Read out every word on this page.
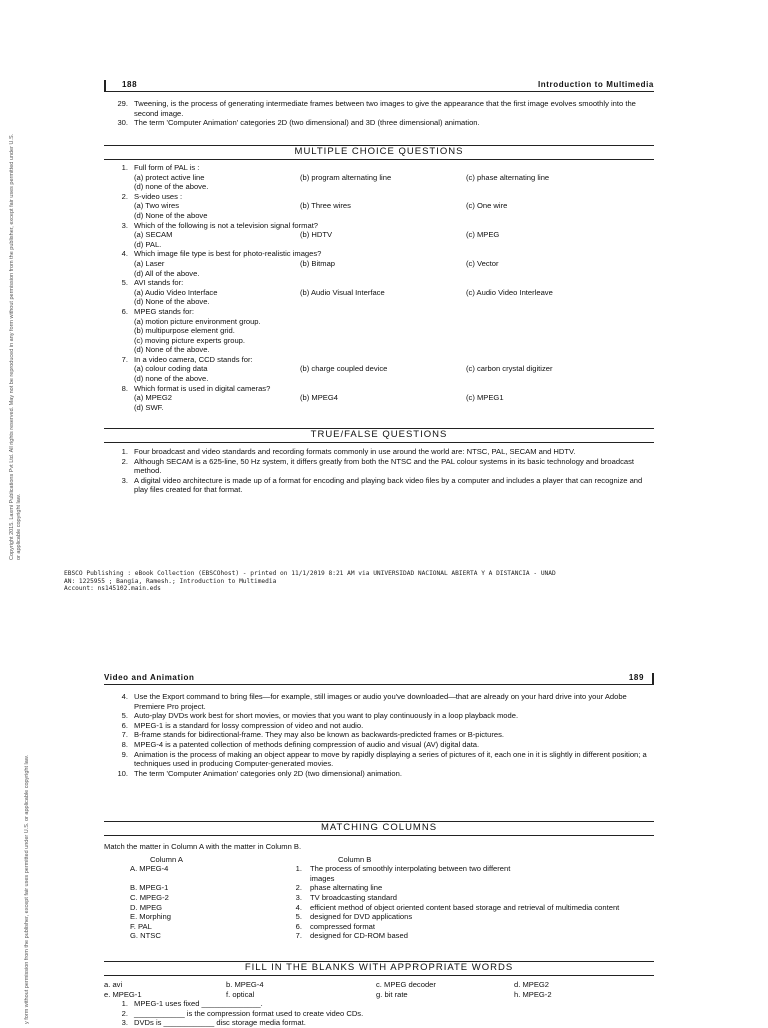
Copyright 2015. Laxmi Publications Pvt Ltd. All rights reserved. May not be reproduced in any form without permission from the publisher, except fair uses permitted under U.S. or applicable copyright law.
y form without permission from the publisher, except fair uses permitted under U.S. or applicable copyright law.
188	Introduction to Multimedia
29. Tweening, is the process of generating intermediate frames between two images to give the appearance that the first image evolves smoothly into the second image.
30. The term 'Computer Animation' categories 2D (two dimensional) and 3D (three dimensional) animation.
MULTIPLE CHOICE QUESTIONS
1. Full form of PAL is :
(a) protect active line	(b) program alternating line	(c) phase alternating line
(d) none of the above.
2. S-video uses :
(a) Two wires	(b) Three wires	(c) One wire
(d) None of the above
3. Which of the following is not a television signal format?
(a) SECAM	(b) HDTV	(c) MPEG
(d) PAL.
4. Which image file type is best for photo-realistic images?
(a) Laser	(b) Bitmap	(c) Vector
(d) All of the above.
5. AVI stands for:
(a) Audio Video Interface	(b) Audio Visual Interface	(c) Audio Video Interleave
(d) None of the above.
6. MPEG stands for:
(a) motion picture environment group.
(b) multipurpose element grid.
(c) moving picture experts group.
(d) None of the above.
7. In a video camera, CCD stands for:
(a) colour coding data	(b) charge coupled device	(c) carbon crystal digitizer
(d) none of the above.
8. Which format is used in digital cameras?
(a) MPEG2	(b) MPEG4	(c) MPEG1
(d) SWF.
TRUE/FALSE QUESTIONS
1. Four broadcast and video standards and recording formats commonly in use around the world are: NTSC, PAL, SECAM and HDTV.
2. Although SECAM is a 625-line, 50 Hz system, it differs greatly from both the NTSC and the PAL colour systems in its basic technology and broadcast method.
3. A digital video architecture is made up of a format for encoding and playing back video files by a computer and includes a player that can recognize and play files created for that format.
EBSCO Publishing : eBook Collection (EBSCOhost) - printed on 11/1/2019 8:21 AM via UNIVERSIDAD NACIONAL ABIERTA Y A DISTANCIA - UNAD
AN: 1225955 ; Bangia, Ramesh.; Introduction to Multimedia
Account: ns145102.main.eds
Video and Animation	189
4. Use the Export command to bring files—for example, still images or audio you've downloaded—that are already on your hard drive into your Adobe Premiere Pro project.
5. Auto-play DVDs work best for short movies, or movies that you want to play continuously in a loop playback mode.
6. MPEG-1 is a standard for lossy compression of video and not audio.
7. B-frame stands for bidirectional-frame. They may also be known as backwards-predicted frames or B-pictures.
8. MPEG-4 is a patented collection of methods defining compression of audio and visual (AV) digital data.
9. Animation is the process of making an object appear to move by rapidly displaying a series of pictures of it, each one in it is slightly in different position; a techniques used in producing Computer-generated movies.
10. The term 'Computer Animation' categories only 2D (two dimensional) animation.
MATCHING COLUMNS
Match the matter in Column A with the matter in Column B.
Column A	Column B
A. MPEG-4	1.	The process of smoothly interpolating between two different images
B. MPEG-1	2.	phase alternating line
C. MPEG-2	3.	TV broadcasting standard
D. MPEG	4.	efficient method of object oriented content based storage and retrieval of multimedia content
E. Morphing	5.	designed for DVD applications
F. PAL	6.	compressed format
G. NTSC	7.	designed for CD-ROM based
FILL IN THE BLANKS WITH APPROPRIATE WORDS
a. avi	b. MPEG-4	c. MPEG decoder	d. MPEG2
e. MPEG-1	f. optical	g. bit rate	h. MPEG-2
1. MPEG-1 uses fixed ______________.
2. ____________ is the compression format used to create video CDs.
3. DVDs is ____________ disc storage media format.
